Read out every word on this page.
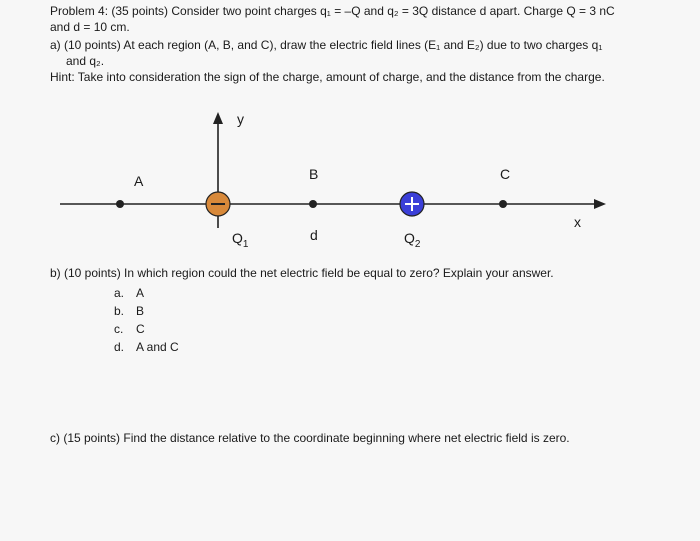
Problem 4: (35 points) Consider two point charges q₁ = –Q and q₂ = 3Q distance d apart. Charge Q = 3 nC
and d = 10 cm.
a) (10 points) At each region (A, B, and C), draw the electric field lines (E₁ and E₂) due to two charges q₁
and q₂.
Hint: Take into consideration the sign of the charge, amount of charge, and the distance from the charge.
y
x
A	B	C
d
$Q_1$	$Q_2$
b) (10 points) In which region could the net electric field be equal to zero? Explain your answer.
a. A
b. B
c. C
d. A and C
c) (15 points) Find the distance relative to the coordinate beginning where net electric field is zero.
